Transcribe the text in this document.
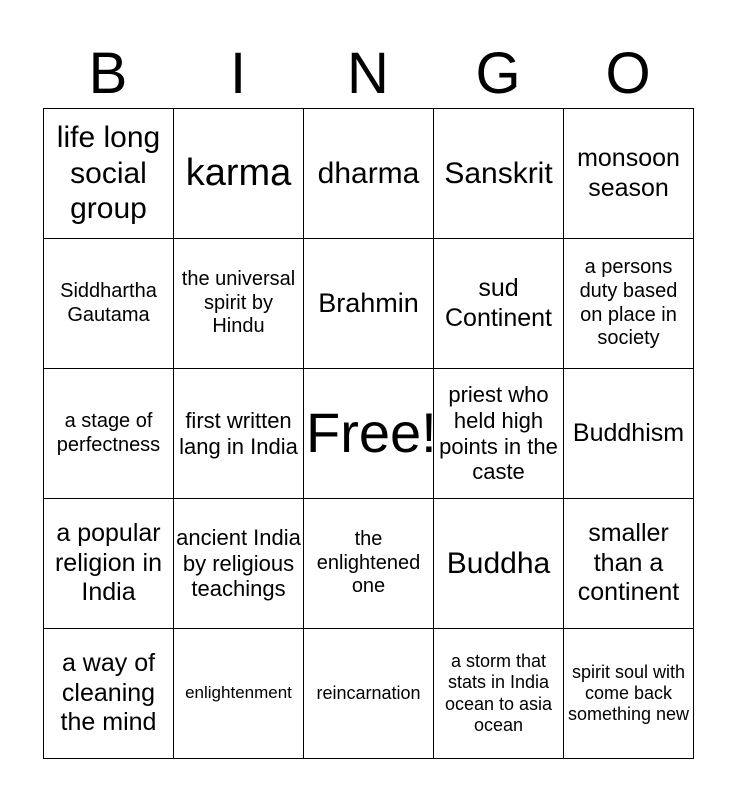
B	I	N	G	O
life long social group	karma	dharma	Sanskrit	monsoon season
Siddhartha Gautama	the universal spirit by Hindu	Brahmin	sud Continent	a persons duty based on place in society
a stage of perfectness	first written lang in India	Free!	priest who held high points in the caste	Buddhism
a popular religion in India	ancient India by religious teachings	the enlightened one	Buddha	smaller than a continent
a way of cleaning the mind	enlightenment	reincarnation	a storm that stats in India ocean to asia ocean	spirit soul with come back something new
